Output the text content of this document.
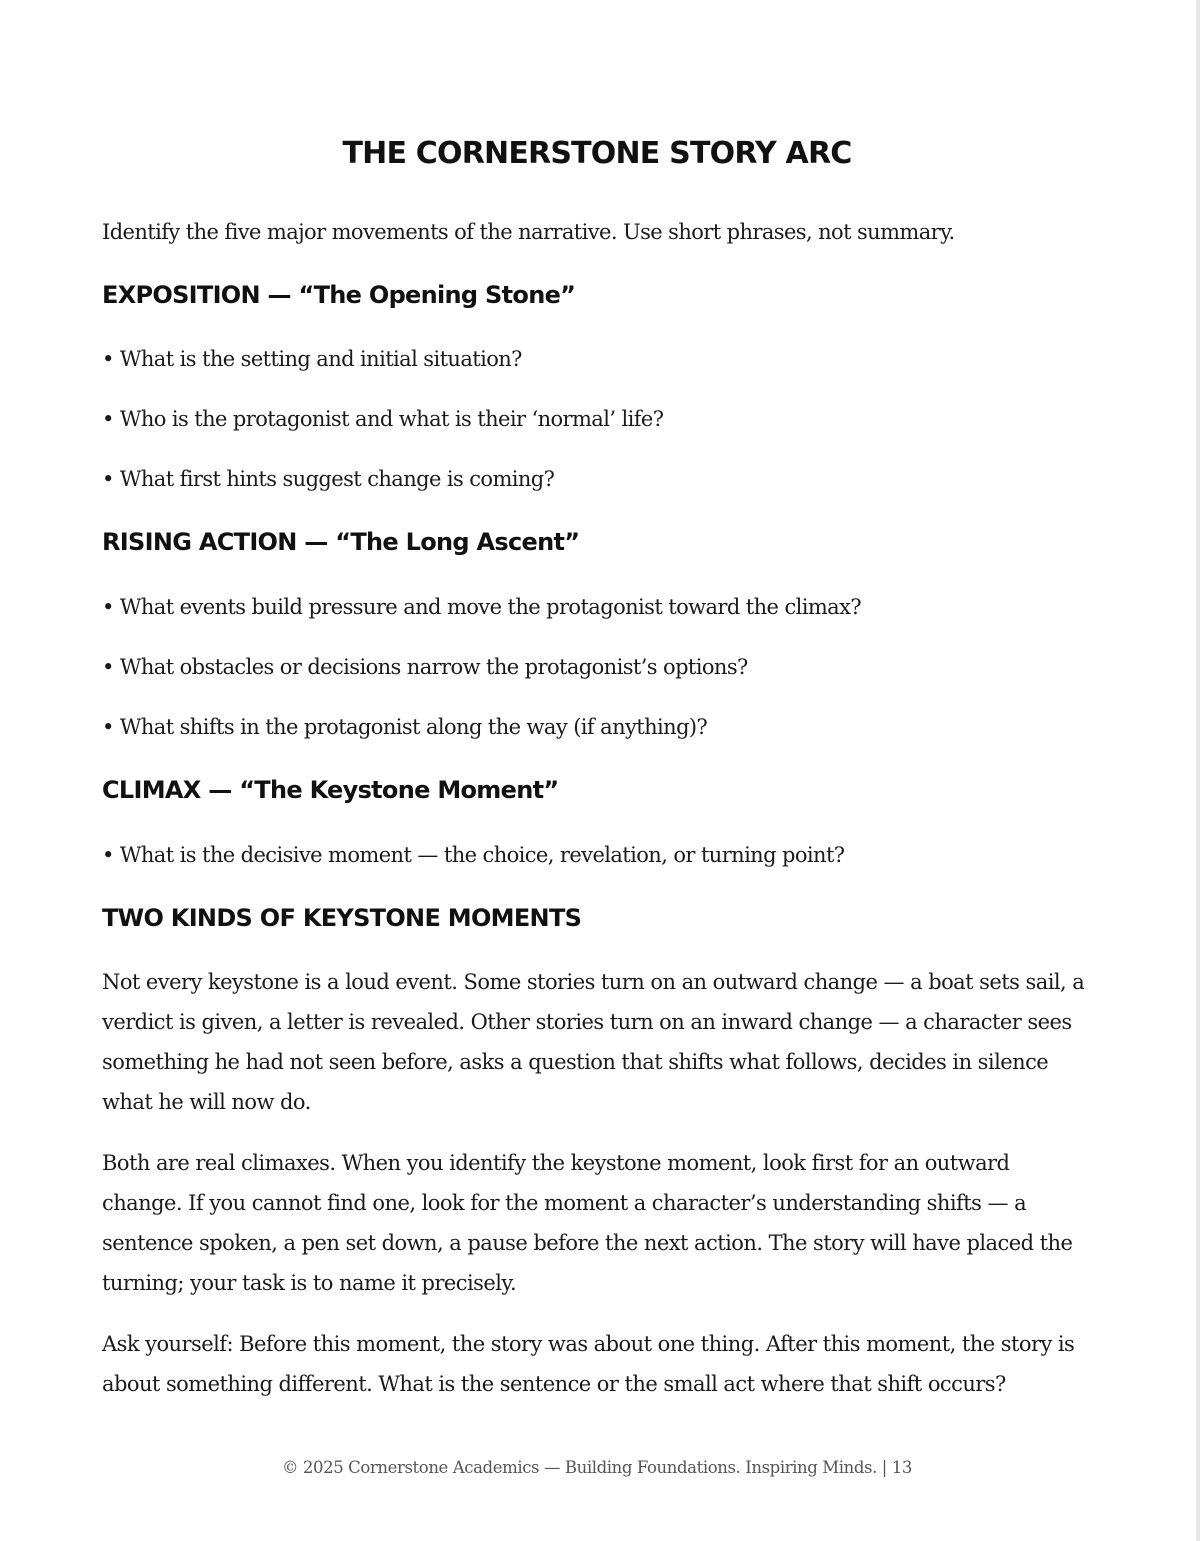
THE CORNERSTONE STORY ARC

Identify the five major movements of the narrative. Use short phrases, not summary.

EXPOSITION — “The Opening Stone”

• What is the setting and initial situation?

• Who is the protagonist and what is their ‘normal’ life?

• What first hints suggest change is coming?

RISING ACTION — “The Long Ascent”

• What events build pressure and move the protagonist toward the climax?

• What obstacles or decisions narrow the protagonist’s options?

• What shifts in the protagonist along the way (if anything)?

CLIMAX — “The Keystone Moment”

• What is the decisive moment — the choice, revelation, or turning point?

TWO KINDS OF KEYSTONE MOMENTS

Not every keystone is a loud event. Some stories turn on an outward change — a boat sets sail, a verdict is given, a letter is revealed. Other stories turn on an inward change — a character sees something he had not seen before, asks a question that shifts what follows, decides in silence what he will now do.

Both are real climaxes. When you identify the keystone moment, look first for an outward change. If you cannot find one, look for the moment a character’s understanding shifts — a sentence spoken, a pen set down, a pause before the next action. The story will have placed the turning; your task is to name it precisely.

Ask yourself: Before this moment, the story was about one thing. After this moment, the story is about something different. What is the sentence or the small act where that shift occurs?

© 2025 Cornerstone Academics — Building Foundations. Inspiring Minds. | 13
